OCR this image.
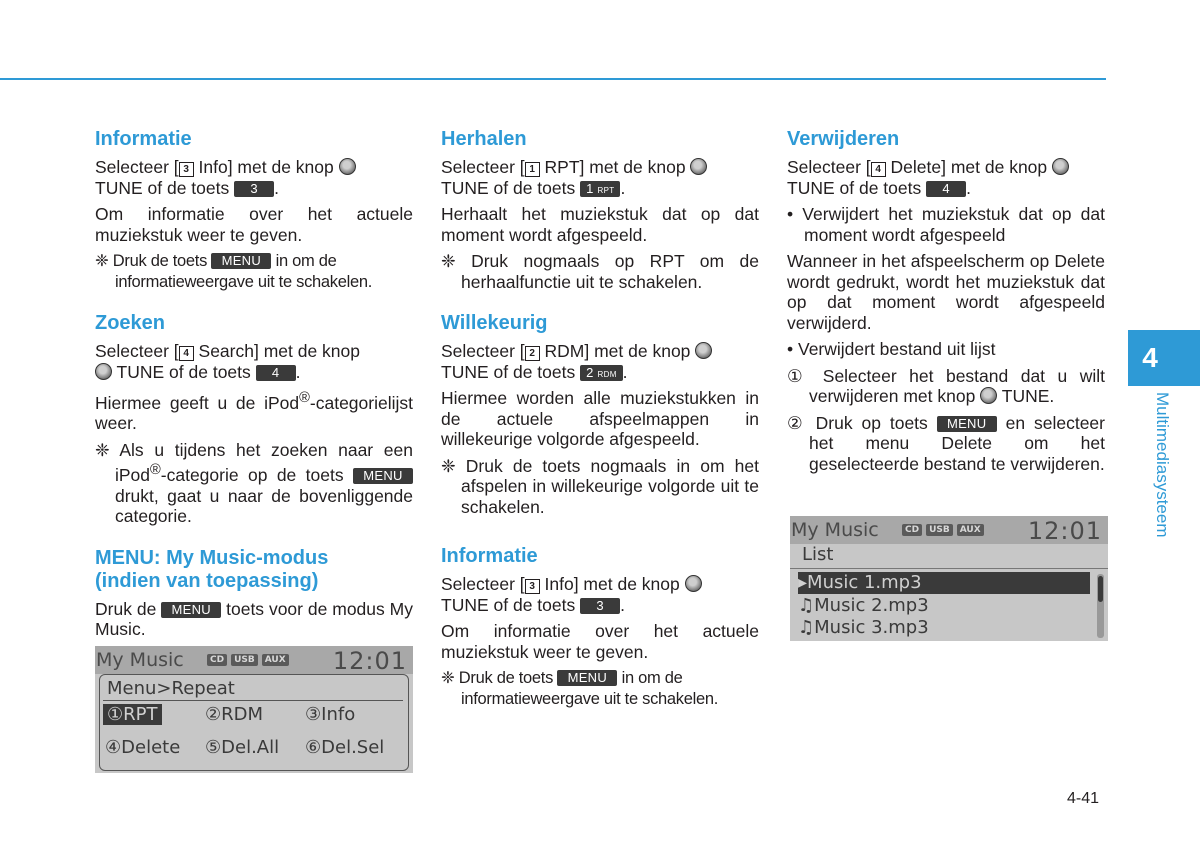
Informatie

Selecteer [ 3 Info] met de knop
TUNE of de toets 3 .

Om informatie over het actuele muziekstuk weer te geven.

❈ Druk de toets MENU in om de informatieweergave uit te schakelen.

Zoeken

Selecteer [ 4 Search] met de knop
TUNE of de toets 4 .

Hiermee geeft u de iPod®-categorielijst weer.

❈ Als u tijdens het zoeken naar een iPod®-categorie op de toets MENU drukt, gaat u naar de bovenliggende categorie.

MENU: My Music-modus
(indien van toepassing)

Druk de MENU toets voor de modus My Music.

My Music	CD	USB	AUX 12:01
Menu>Repeat
①RPT	②RDM ③Info
④Delete ⑤Del.All ⑥Del.Sel
Herhalen

Selecteer [ 1 RPT] met de knop
TUNE of de toets 1 RPT .

Herhaalt het muziekstuk dat op dat moment wordt afgespeeld.

❈ Druk nogmaals op RPT om de herhaalfunctie uit te schakelen.

Willekeurig

Selecteer [ 2 RDM] met de knop
TUNE of de toets 2 RDM .

Hiermee worden alle muziekstukken in de actuele afspeelmappen in willekeurige volgorde afgespeeld.

❈ Druk de toets nogmaals in om het afspelen in willekeurige volgorde uit te schakelen.

Informatie

Selecteer [ 3 Info] met de knop
TUNE of de toets 3 .

Om informatie over het actuele muziekstuk weer te geven.

❈ Druk de toets MENU in om de informatieweergave uit te schakelen.

Verwijderen

Selecteer [ 4 Delete] met de knop
TUNE of de toets 4 .

• Verwijdert het muziekstuk dat op dat moment wordt afgespeeld

Wanneer in het afspeelscherm op Delete wordt gedrukt, wordt het muziekstuk dat op dat moment wordt afgespeeld verwijderd.

• Verwijdert bestand uit lijst

① Selecteer het bestand dat u wilt verwijderen met knop  TUNE.

② Druk op toets MENU en selecteer het menu Delete om het geselecteerde bestand te verwijderen.

My Music	CD	USB	AUX 12:01
List
▸Music 1.mp3
♫Music 2.mp3
♫Music 3.mp3
4
Multimediasysteem
4-41
